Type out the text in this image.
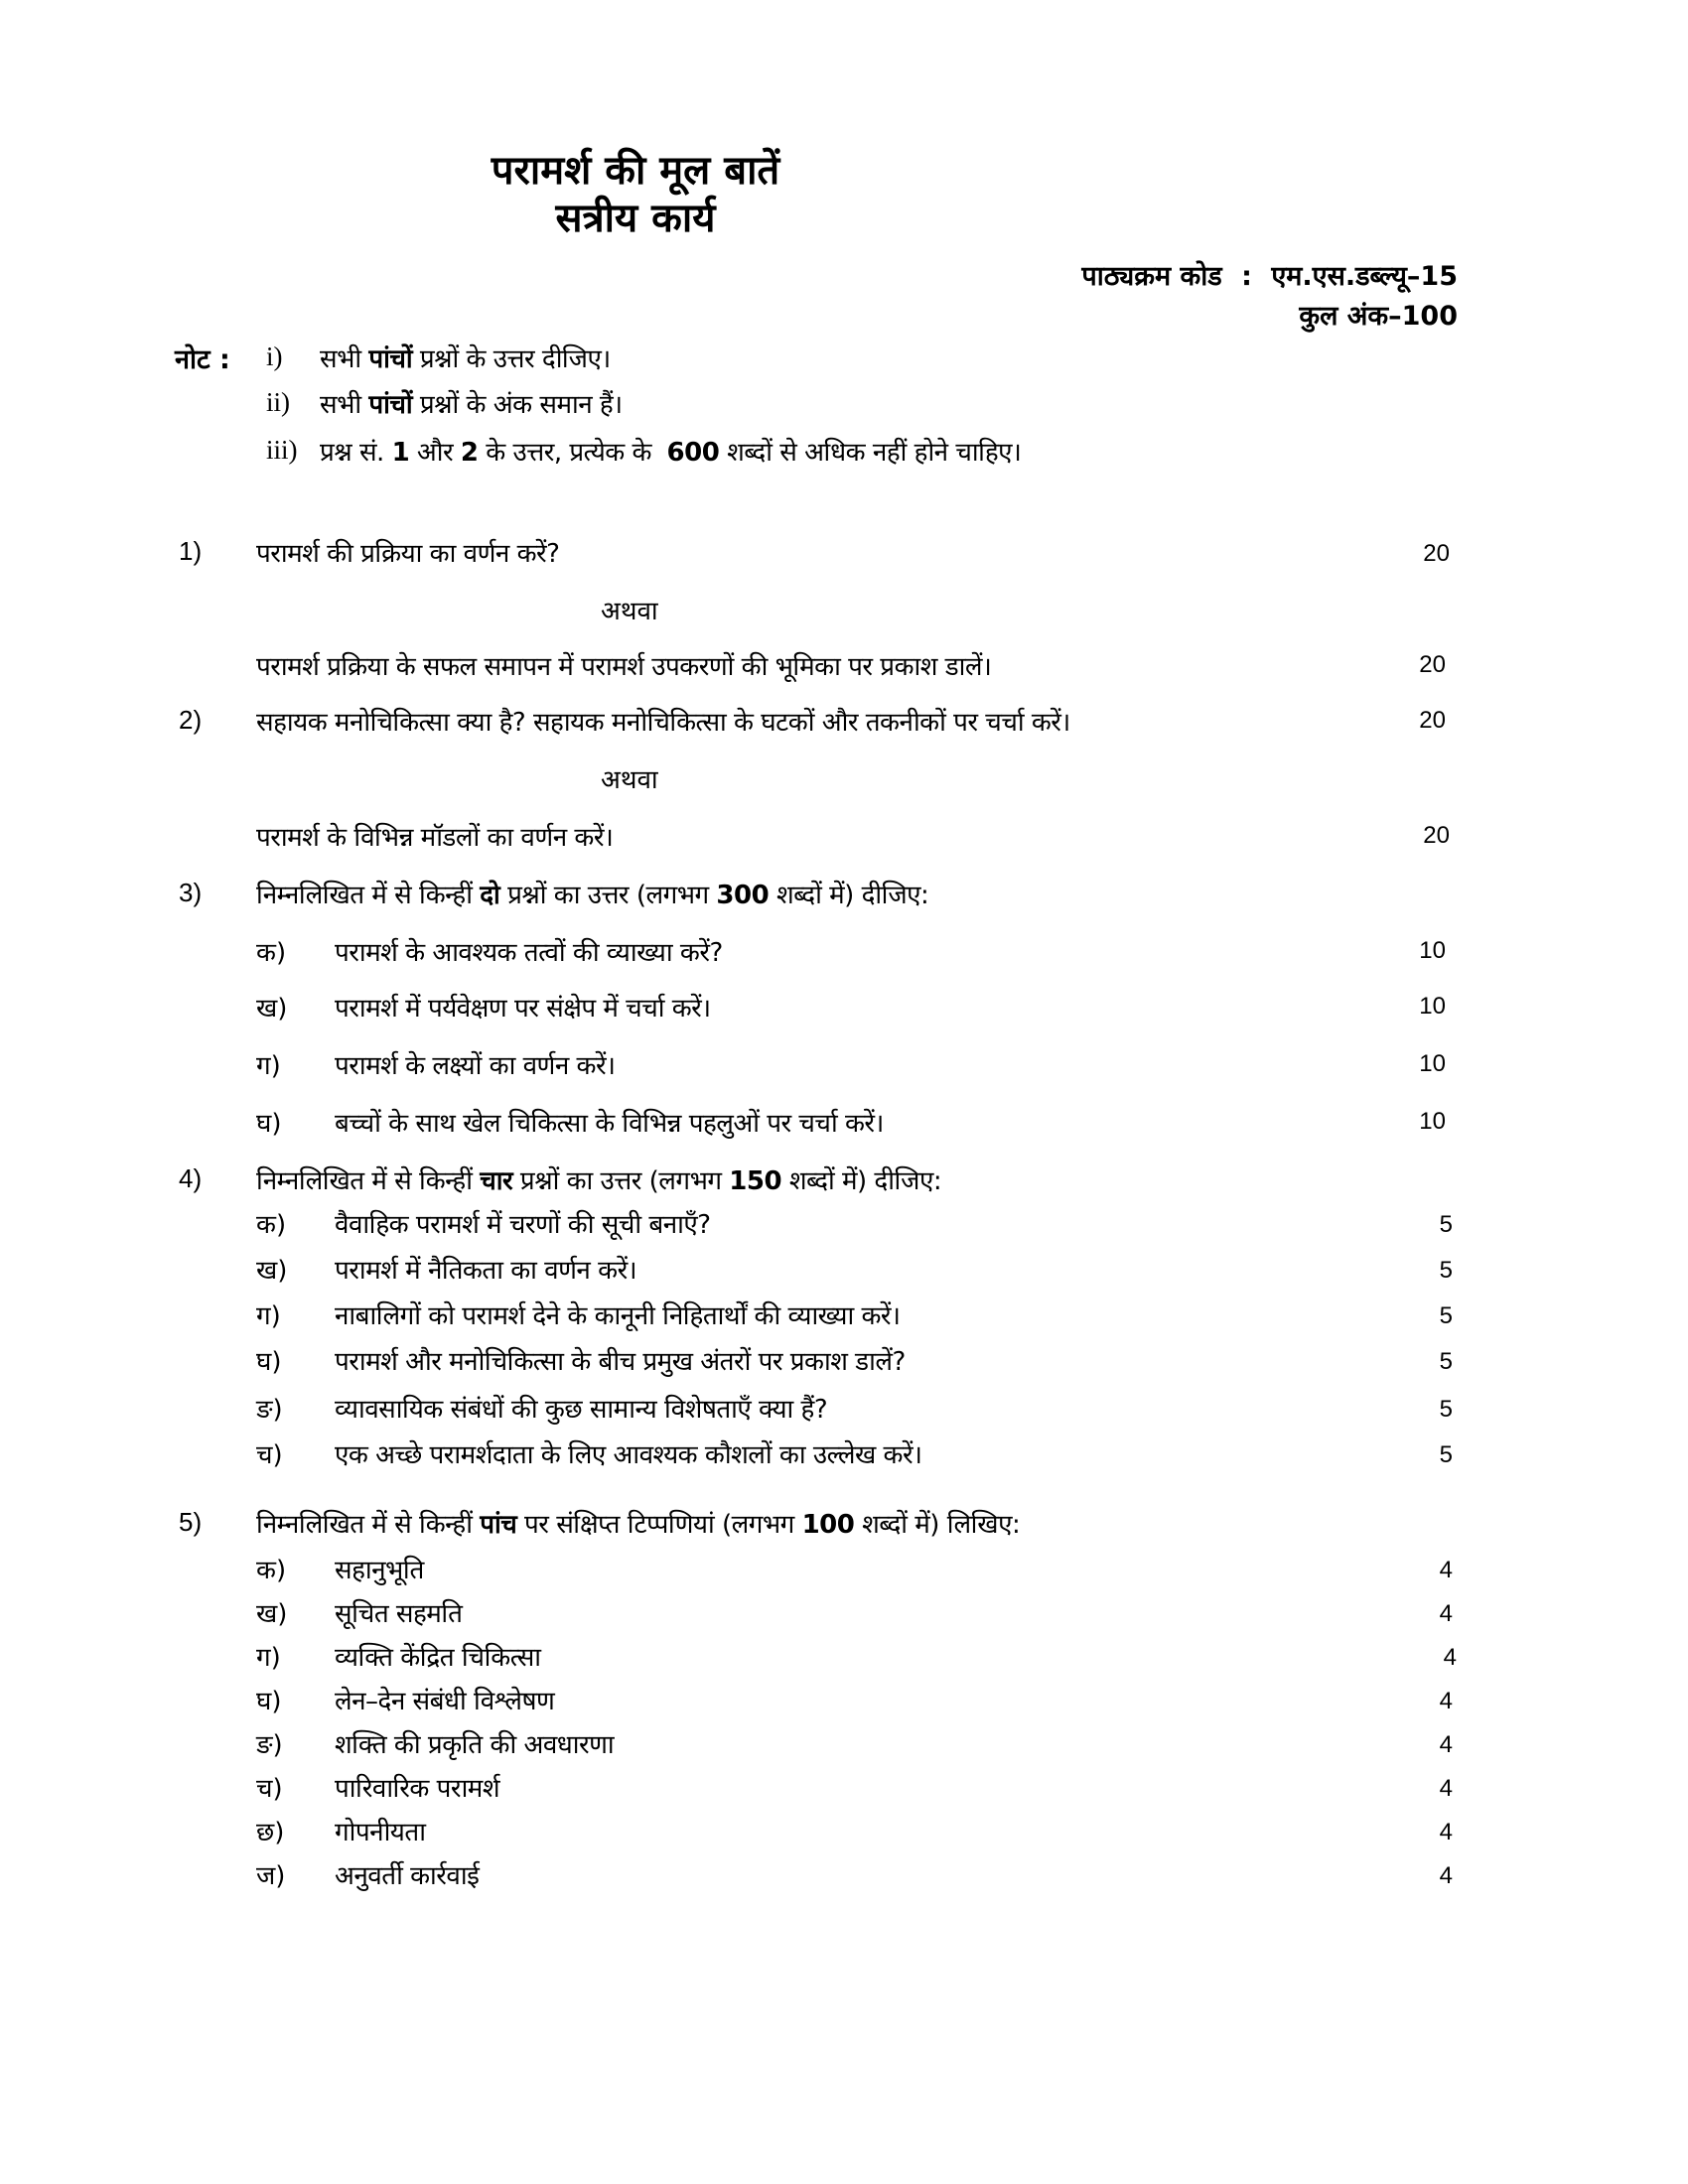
परामर्श की मूल बातें
सत्रीय कार्य
पाठ्यक्रम कोड : एम.एस.डब्ल्यू–15
कुल अंक–100
नोट : i) सभी पांचों प्रश्नों के उत्तर दीजिए।
ii) सभी पांचों प्रश्नों के अंक समान हैं।
iii) प्रश्न सं. 1 और 2 के उत्तर, प्रत्येक के 600 शब्दों से अधिक नहीं होने चाहिए।
1) परामर्श की प्रक्रिया का वर्णन करें?	20
अथवा
परामर्श प्रक्रिया के सफल समापन में परामर्श उपकरणों की भूमिका पर प्रकाश डालें।	20
2) सहायक मनोचिकित्सा क्या है? सहायक मनोचिकित्सा के घटकों और तकनीकों पर चर्चा करें।	20
अथवा
परामर्श के विभिन्न मॉडलों का वर्णन करें।	20
3) निम्नलिखित में से किन्हीं दो प्रश्नों का उत्तर (लगभग 300 शब्दों में) दीजिए:
क) परामर्श के आवश्यक तत्वों की व्याख्या करें?	10
ख) परामर्श में पर्यवेक्षण पर संक्षेप में चर्चा करें।	10
ग) परामर्श के लक्ष्यों का वर्णन करें।	10
घ) बच्चों के साथ खेल चिकित्सा के विभिन्न पहलुओं पर चर्चा करें।	10
4) निम्नलिखित में से किन्हीं चार प्रश्नों का उत्तर (लगभग 150 शब्दों में) दीजिए:
क) वैवाहिक परामर्श में चरणों की सूची बनाएँ?	5
ख) परामर्श में नैतिकता का वर्णन करें।	5
ग) नाबालिगों को परामर्श देने के कानूनी निहितार्थों की व्याख्या करें।	5
घ) परामर्श और मनोचिकित्सा के बीच प्रमुख अंतरों पर प्रकाश डालें?	5
ङ) व्यावसायिक संबंधों की कुछ सामान्य विशेषताएँ क्या हैं?	5
च) एक अच्छे परामर्शदाता के लिए आवश्यक कौशलों का उल्लेख करें।	5
5) निम्नलिखित में से किन्हीं पांच पर संक्षिप्त टिप्पणियां (लगभग 100 शब्दों में) लिखिए:
क) सहानुभूति	4
ख) सूचित सहमति	4
ग) व्यक्ति केंद्रित चिकित्सा	4
घ) लेन–देन संबंधी विश्लेषण	4
ङ) शक्ति की प्रकृति की अवधारणा	4
च) पारिवारिक परामर्श	4
छ) गोपनीयता	4
ज) अनुवर्ती कार्रवाई	4
